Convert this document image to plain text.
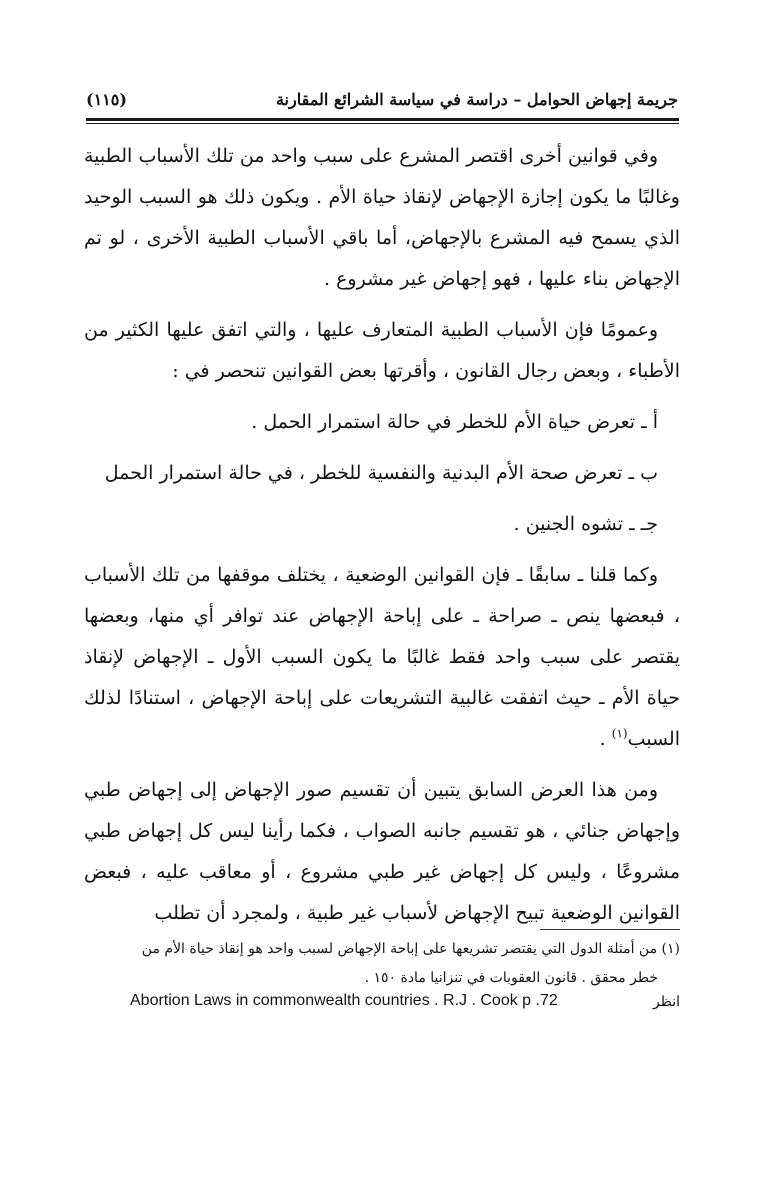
جريمة إجهاض الحوامل – دراسة في سياسة الشرائع المقارنة
(١١٥)

وفي قوانين أخرى اقتصر المشرع على سبب واحد من تلك الأسباب الطبية وغالبًا ما يكون إجازة الإجهاض لإنقاذ حياة الأم . ويكون ذلك هو السبب الوحيد الذي يسمح فيه المشرع بالإجهاض، أما باقي الأسباب الطبية الأخرى ، لو تم الإجهاض بناء عليها ، فهو إجهاض غير مشروع .

وعمومًا فإن الأسباب الطبية المتعارف عليها ، والتي اتفق عليها الكثير من الأطباء ، وبعض رجال القانون ، وأقرتها بعض القوانين تنحصر في :

أ ـ تعرض حياة الأم للخطر في حالة استمرار الحمل .

ب ـ تعرض صحة الأم البدنية والنفسية للخطر ، في حالة استمرار الحمل

جـ ـ تشوه الجنين .

وكما قلنا ـ سابقًا ـ فإن القوانين الوضعية ، يختلف موقفها من تلك الأسباب ، فبعضها ينص ـ صراحة ـ على إباحة الإجهاض عند توافر أي منها، وبعضها يقتصر على سبب واحد فقط غالبًا ما يكون السبب الأول ـ الإجهاض لإنقاذ حياة الأم ـ حيث اتفقت غالبية التشريعات على إباحة الإجهاض ، استنادًا لذلك السبب$^{(١)}$ .

ومن هذا العرض السابق يتبين أن تقسيم صور الإجهاض إلى إجهاض طبي وإجهاض جنائي ، هو تقسيم جانبه الصواب ، فكما رأينا ليس كل إجهاض طبي مشروعًا ، وليس كل إجهاض غير طبي مشروع ، أو معاقب عليه ، فبعض القوانين الوضعية تبيح الإجهاض لأسباب غير طبية ، ولمجرد أن تطلب

(١) من أمثلة الدول التي يقتصر تشريعها على إباحة الإجهاض لسبب واحد هو إنقاذ حياة الأم من

خطر محقق . قانون العقوبات في تنزانيا مادة ١٥٠ .

انظر
Abortion Laws in commonwealth countries . R.J . Cook p .72
